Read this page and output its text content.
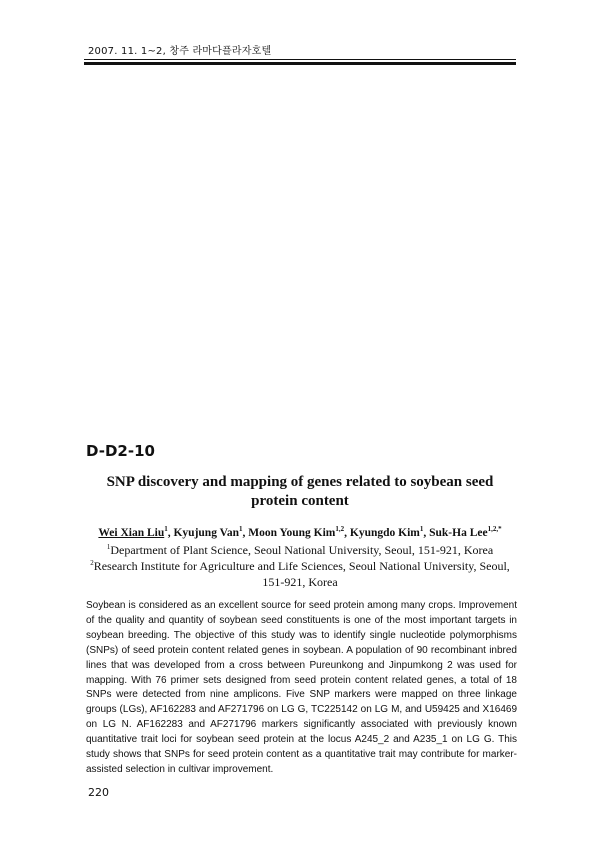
2007. 11. 1~2, 창주 라마다플라자호텔
D-D2-10
SNP discovery and mapping of genes related to soybean seed protein content
Wei Xian Liu$^1$, Kyujung Van$^1$, Moon Young Kim$^{1,2}$, Kyungdo Kim$^1$, Suk-Ha Lee$^{1,2,*}$
$^1$Department of Plant Science, Seoul National University, Seoul, 151-921, Korea
$^2$Research Institute for Agriculture and Life Sciences, Seoul National University, Seoul, 151-921, Korea
Soybean is considered as an excellent source for seed protein among many crops. Improvement of the quality and quantity of soybean seed constituents is one of the most important targets in soybean breeding. The objective of this study was to identify single nucleotide polymorphisms (SNPs) of seed protein content related genes in soybean. A population of 90 recombinant inbred lines that was developed from a cross between Pureunkong and Jinpumkong 2 was used for mapping. With 76 primer sets designed from seed protein content related genes, a total of 18 SNPs were detected from nine amplicons. Five SNP markers were mapped on three linkage groups (LGs), AF162283 and AF271796 on LG G, TC225142 on LG M, and U59425 and X16469 on LG N. AF162283 and AF271796 markers significantly associated with previously known quantitative trait loci for soybean seed protein at the locus A245_2 and A235_1 on LG G. This study shows that SNPs for seed protein content as a quantitative trait may contribute for marker-assisted selection in cultivar improvement.
220
